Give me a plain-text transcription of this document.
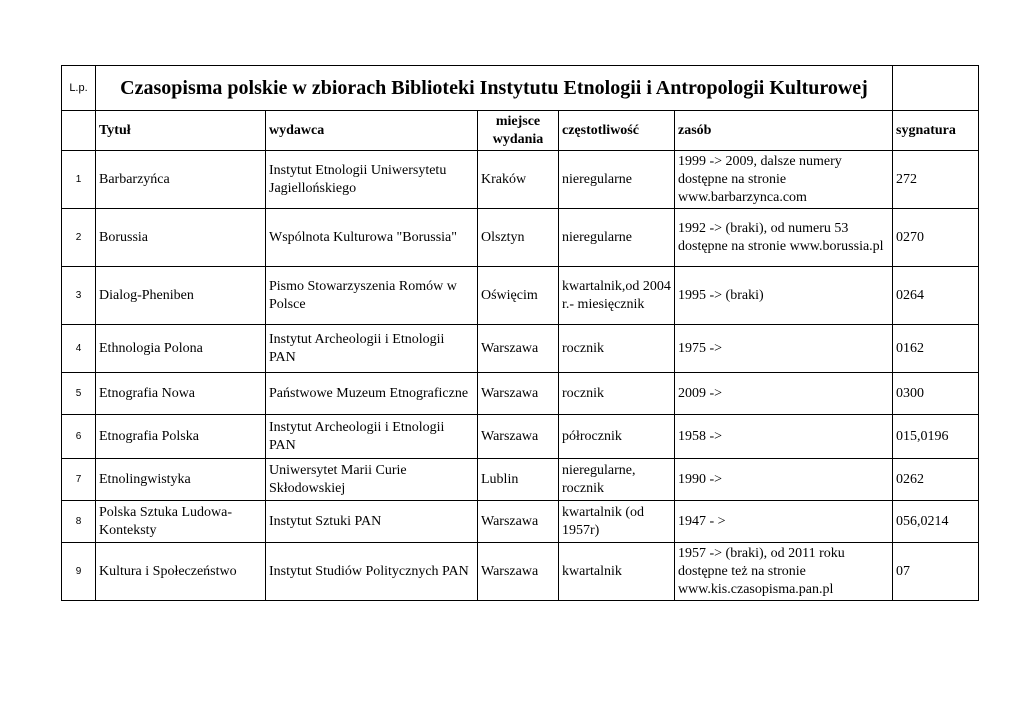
L.p.	Czasopisma polskie w zbiorach Biblioteki Instytutu Etnologii i Antropologii Kulturowej					
	Tytuł	wydawca	miejsce wydania	częstotliwość	zasób	sygnatura
1	Barbarzyńca	Instytut Etnologii Uniwersytetu Jagiellońskiego	Kraków	nieregularne	1999 -> 2009, dalsze numery dostępne na stronie www.barbarzynca.com	272
2	Borussia	Wspólnota Kulturowa "Borussia"	Olsztyn	nieregularne	1992 -> (braki), od numeru 53 dostępne na stronie www.borussia.pl	0270
3	Dialog-Pheniben	Pismo Stowarzyszenia Romów w Polsce	Oświęcim	kwartalnik,od 2004 r.- miesięcznik	1995 -> (braki)	0264
4	Ethnologia Polona	Instytut Archeologii i Etnologii PAN	Warszawa	rocznik	1975 ->	0162
5	Etnografia Nowa	Państwowe Muzeum Etnograficzne	Warszawa	rocznik	2009 ->	0300
6	Etnografia Polska	Instytut Archeologii i Etnologii PAN	Warszawa	półrocznik	1958 ->	015,0196
7	Etnolingwistyka	Uniwersytet Marii Curie Skłodowskiej	Lublin	nieregularne, rocznik	1990 ->	0262
8	Polska Sztuka Ludowa- Konteksty	Instytut Sztuki PAN	Warszawa	kwartalnik (od 1957r)	1947 - >	056,0214
9	Kultura i Społeczeństwo	Instytut Studiów Politycznych PAN	Warszawa	kwartalnik	1957 -> (braki), od 2011 roku dostępne też na stronie www.kis.czasopisma.pan.pl	07
